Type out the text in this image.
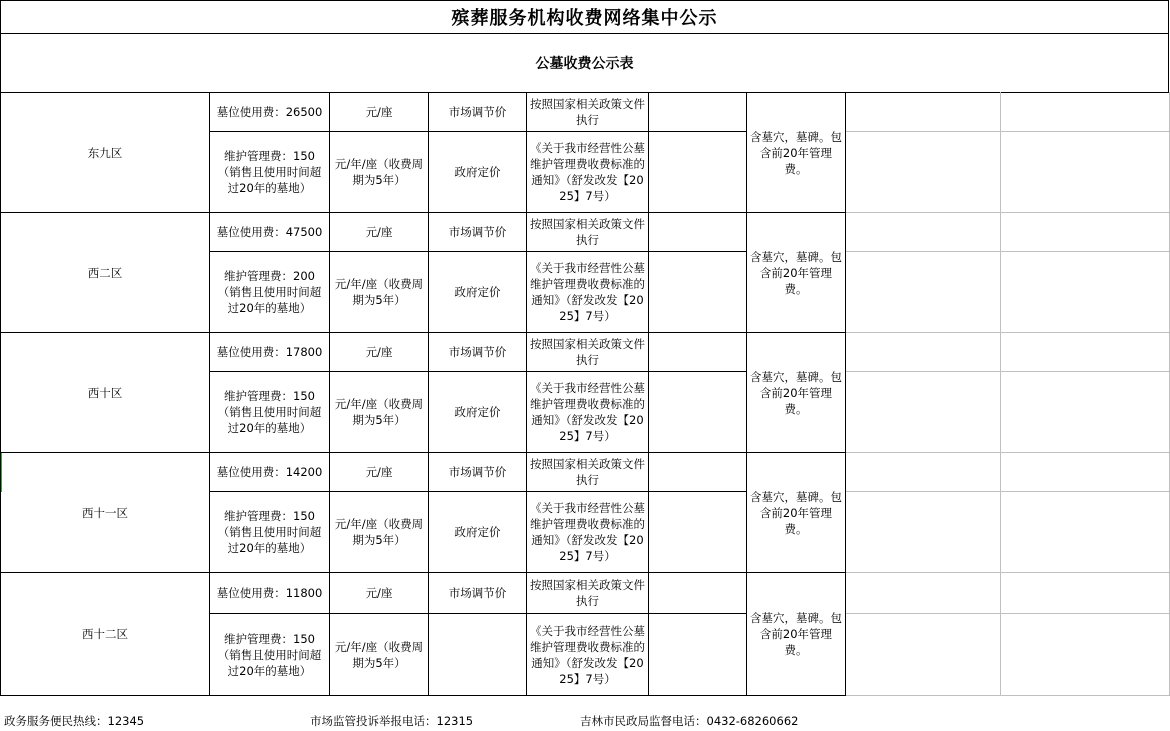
殡葬服务机构收费网络集中公示
公墓收费公示表
东九区	墓位使用费：26500	元/座	市场调节价	按照国家相关政策文件执行		含墓穴，墓碑。包含前20年管理费。		
	维护管理费：150（销售且使用时间超过20年的墓地）	元/年/座（收费周期为5年）	政府定价	《关于我市经营性公墓维护管理费收费标准的通知》（舒发改发【2025】7号）				
西二区	墓位使用费：47500	元/座	市场调节价	按照国家相关政策文件执行		含墓穴，墓碑。包含前20年管理费。		
	维护管理费：200（销售且使用时间超过20年的墓地）	元/年/座（收费周期为5年）	政府定价	《关于我市经营性公墓维护管理费收费标准的通知》（舒发改发【2025】7号）				
西十区	墓位使用费：17800	元/座	市场调节价	按照国家相关政策文件执行		含墓穴，墓碑。包含前20年管理费。		
	维护管理费：150（销售且使用时间超过20年的墓地）	元/年/座（收费周期为5年）	政府定价	《关于我市经营性公墓维护管理费收费标准的通知》（舒发改发【2025】7号）				
西十一区	墓位使用费：14200	元/座	市场调节价	按照国家相关政策文件执行		含墓穴，墓碑。包含前20年管理费。		
	维护管理费：150（销售且使用时间超过20年的墓地）	元/年/座（收费周期为5年）	政府定价	《关于我市经营性公墓维护管理费收费标准的通知》（舒发改发【2025】7号）				
西十二区	墓位使用费：11800	元/座	市场调节价	按照国家相关政策文件执行		含墓穴，墓碑。包含前20年管理费。		
	维护管理费：150（销售且使用时间超过20年的墓地）	元/年/座（收费周期为5年）		《关于我市经营性公墓维护管理费收费标准的通知》（舒发改发【2025】7号）				
政务服务便民热线：12345	市场监管投诉举报电话：12315	吉林市民政局监督电话：0432-68260662
